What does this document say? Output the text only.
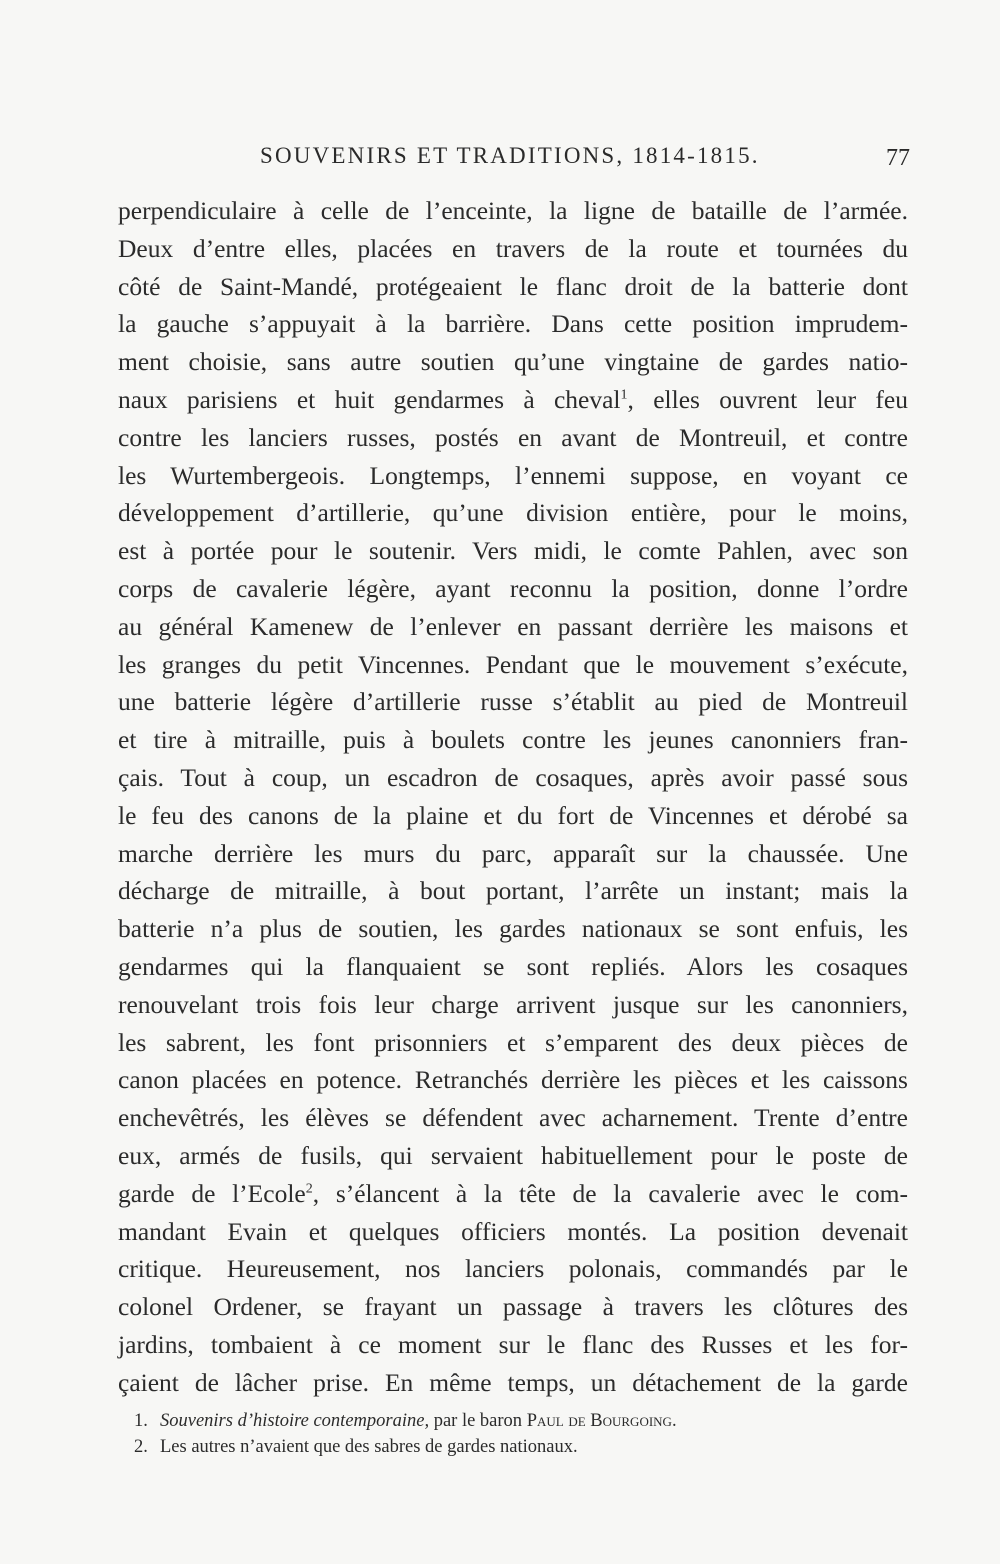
SOUVENIRS ET TRADITIONS, 1814-1815.	77
perpendiculaire à celle de l’enceinte, la ligne de bataille de l’armée.
Deux d’entre elles, placées en travers de la route et tournées du
côté de Saint-Mandé, protégeaient le flanc droit de la batterie dont
la gauche s’appuyait à la barrière. Dans cette position imprudem-
ment choisie, sans autre soutien qu’une vingtaine de gardes natio-
naux parisiens et huit gendarmes à cheval$^1$, elles ouvrent leur feu
contre les lanciers russes, postés en avant de Montreuil, et contre
les Wurtembergeois. Longtemps, l’ennemi suppose, en voyant ce
développement d’artillerie, qu’une division entière, pour le moins,
est à portée pour le soutenir. Vers midi, le comte Pahlen, avec son
corps de cavalerie légère, ayant reconnu la position, donne l’ordre
au général Kamenew de l’enlever en passant derrière les maisons et
les granges du petit Vincennes. Pendant que le mouvement s’exécute,
une batterie légère d’artillerie russe s’établit au pied de Montreuil
et tire à mitraille, puis à boulets contre les jeunes canonniers fran-
çais. Tout à coup, un escadron de cosaques, après avoir passé sous
le feu des canons de la plaine et du fort de Vincennes et dérobé sa
marche derrière les murs du parc, apparaît sur la chaussée. Une
décharge de mitraille, à bout portant, l’arrête un instant; mais la
batterie n’a plus de soutien, les gardes nationaux se sont enfuis, les
gendarmes qui la flanquaient se sont repliés. Alors les cosaques
renouvelant trois fois leur charge arrivent jusque sur les canonniers,
les sabrent, les font prisonniers et s’emparent des deux pièces de
canon placées en potence. Retranchés derrière les pièces et les caissons
enchevêtrés, les élèves se défendent avec acharnement. Trente d’entre
eux, armés de fusils, qui servaient habituellement pour le poste de
garde de l’Ecole$^2$, s’élancent à la tête de la cavalerie avec le com-
mandant Evain et quelques officiers montés. La position devenait
critique. Heureusement, nos lanciers polonais, commandés par le
colonel Ordener, se frayant un passage à travers les clôtures des
jardins, tombaient à ce moment sur le flanc des Russes et les for-
çaient de lâcher prise. En même temps, un détachement de la garde
1. Souvenirs d’histoire contemporaine, par le baron Paul de Bourgoing.
2. Les autres n’avaient que des sabres de gardes nationaux.
